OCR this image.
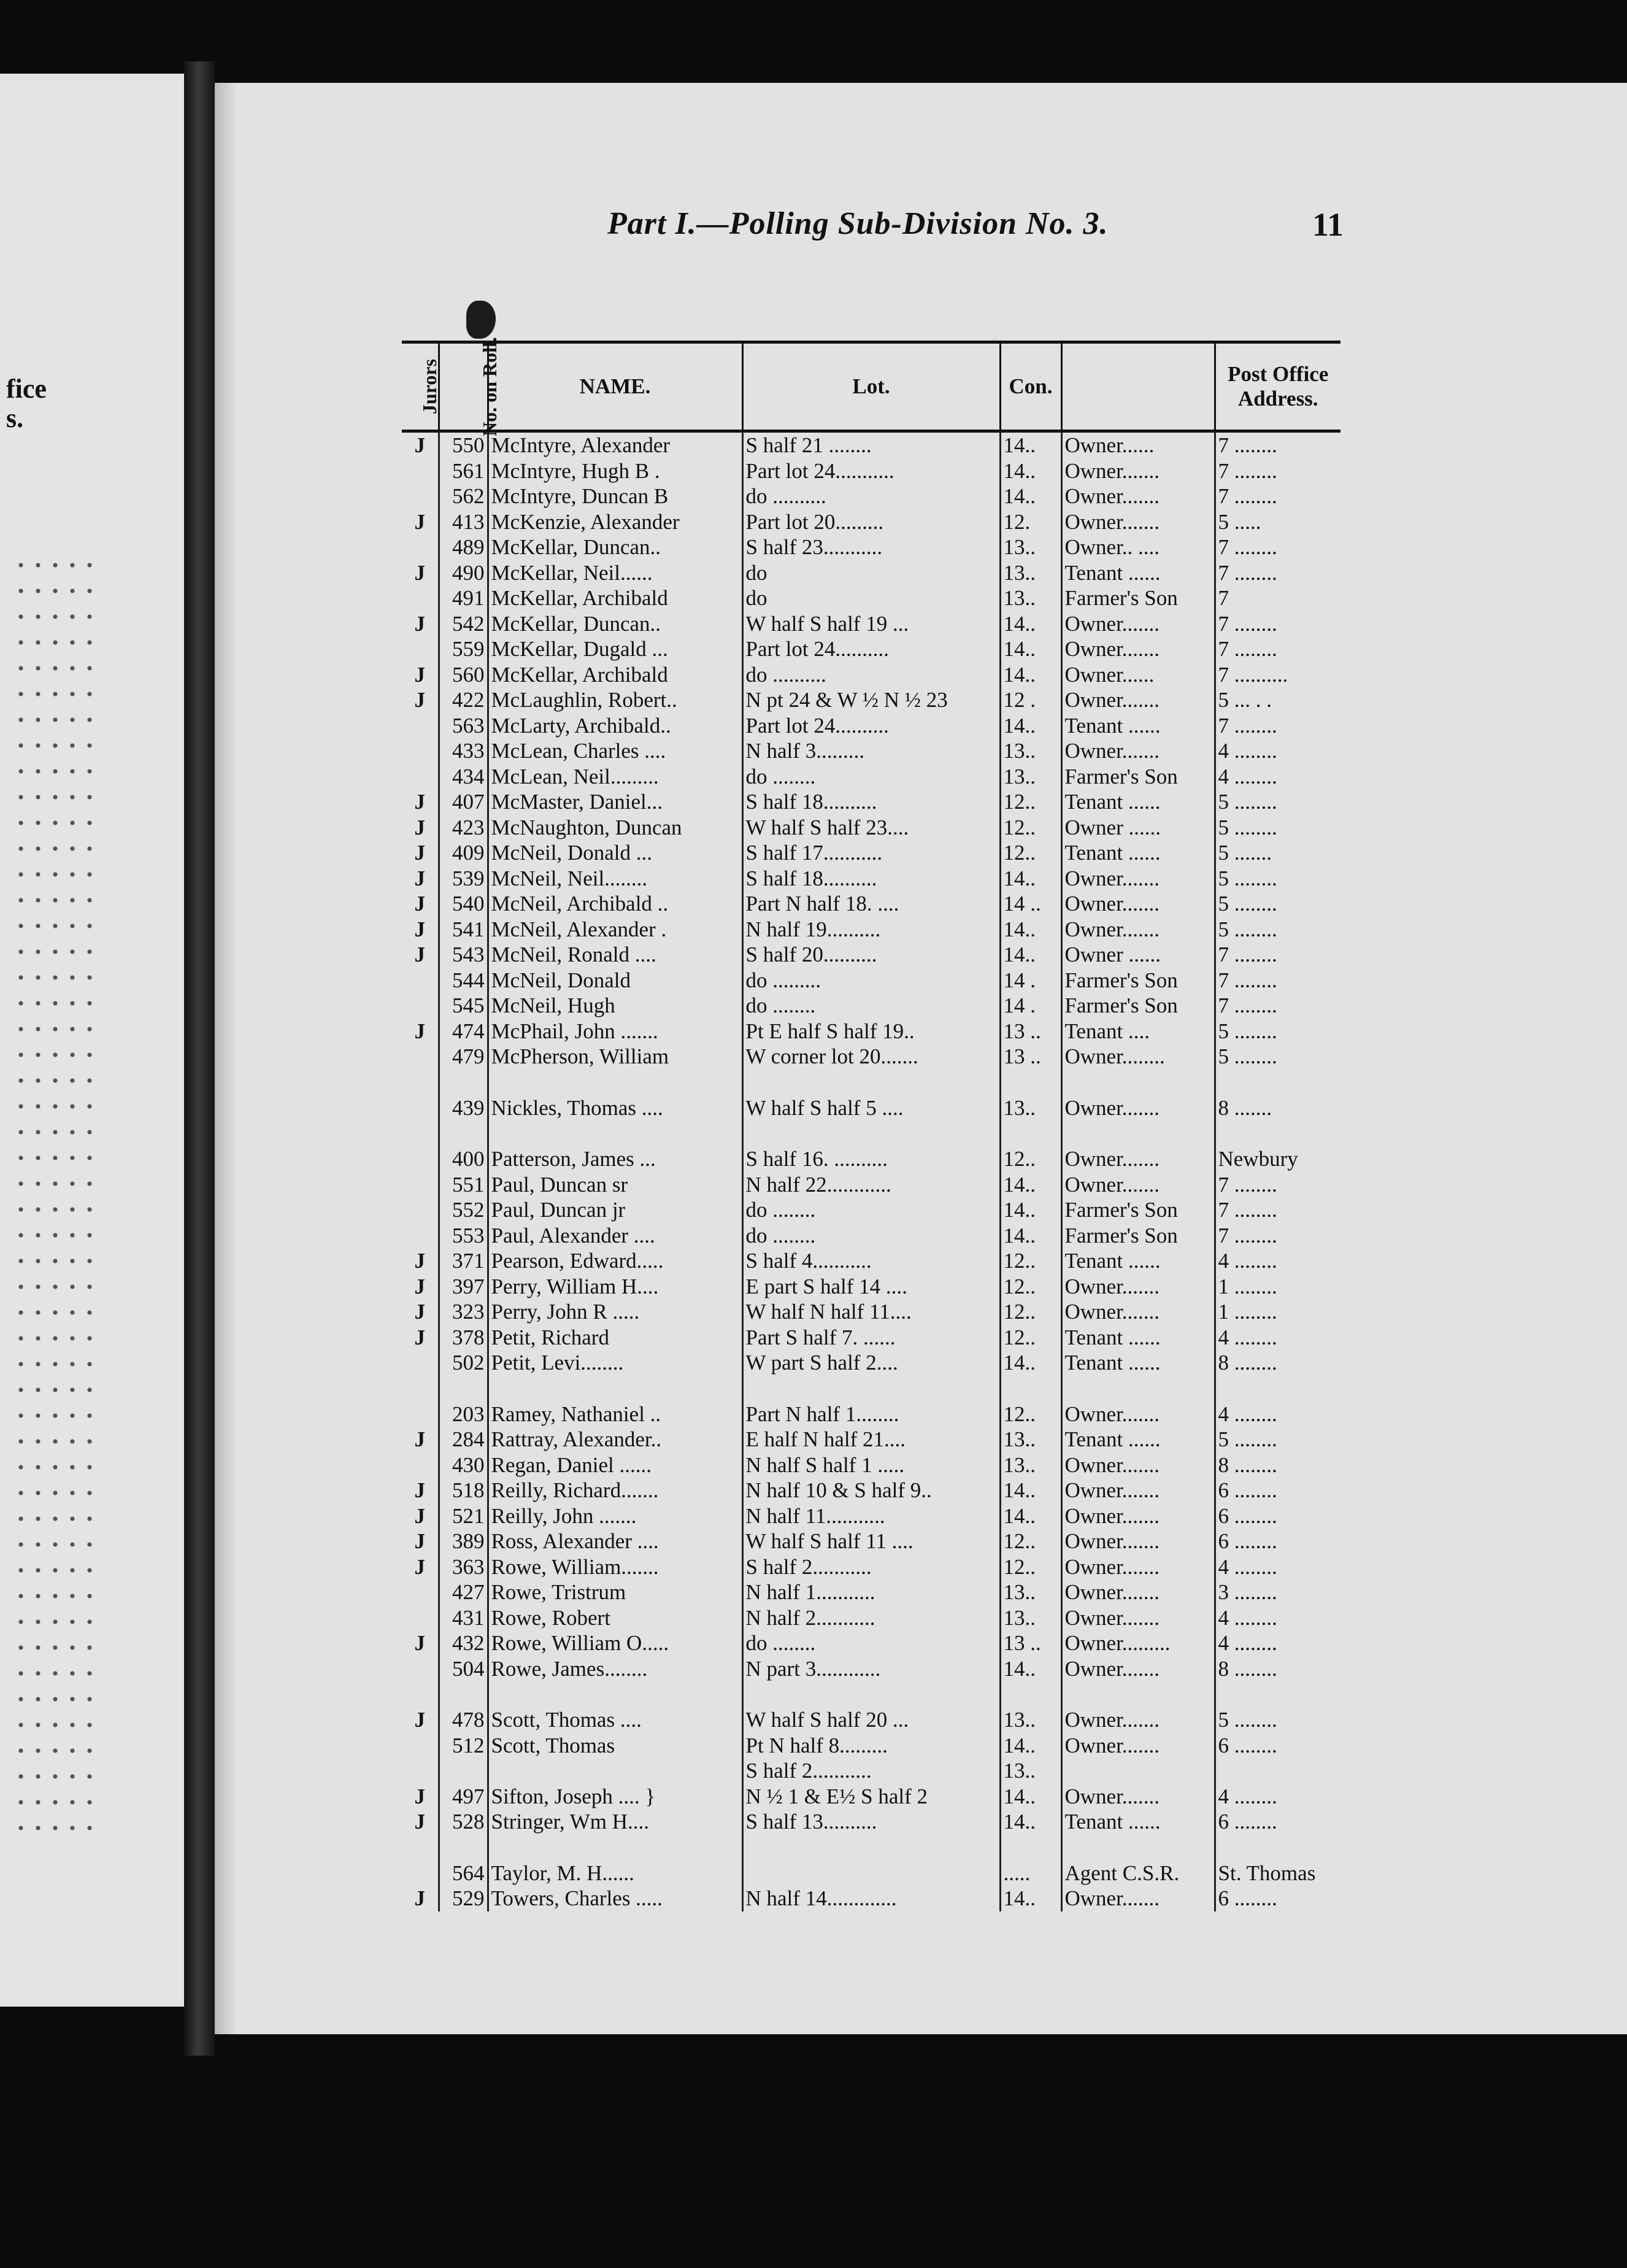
fice
s.
Part I.—Polling Sub-Division No. 3.	11
Jurors	No. on Roll.	NAME.	Lot.	Con.		Post Office Address.
J	550	McIntyre, Alexander	S half 21 ........	14..	Owner......	7 ........
	561	McIntyre, Hugh B .	Part lot 24...........	14..	Owner.......	7 ........
	562	McIntyre, Duncan B	do ..........	14..	Owner.......	7 ........
J	413	McKenzie, Alexander	Part lot 20.........	12.	Owner.......	5 .....
	489	McKellar, Duncan..	S half 23...........	13..	Owner.. ....	7 ........
J	490	McKellar, Neil......	do	13..	Tenant ......	7 ........
	491	McKellar, Archibald	do	13..	Farmer's Son	7
J	542	McKellar, Duncan..	W half S half 19 ...	14..	Owner.......	7 ........
	559	McKellar, Dugald ...	Part lot 24..........	14..	Owner.......	7 ........
J	560	McKellar, Archibald	do ..........	14..	Owner......	7 ..........
J	422	McLaughlin, Robert..	N pt 24 & W ½ N ½ 23	12 .	Owner.......	5 ... . .
	563	McLarty, Archibald..	Part lot 24..........	14..	Tenant ......	7 ........
	433	McLean, Charles ....	N half 3.........	13..	Owner.......	4 ........
	434	McLean, Neil.........	do ........	13..	Farmer's Son	4 ........
J	407	McMaster, Daniel...	S half 18..........	12..	Tenant ......	5 ........
J	423	McNaughton, Duncan	W half S half 23....	12..	Owner ......	5 ........
J	409	McNeil, Donald ...	S half 17...........	12..	Tenant ......	5 .......
J	539	McNeil, Neil........	S half 18..........	14..	Owner.......	5 ........
J	540	McNeil, Archibald ..	Part N half 18. ....	14 ..	Owner.......	5 ........
J	541	McNeil, Alexander .	N half 19..........	14..	Owner.......	5 ........
J	543	McNeil, Ronald ....	S half 20..........	14..	Owner ......	7 ........
	544	McNeil, Donald	do .........	14 .	Farmer's Son	7 ........
	545	McNeil, Hugh	do ........	14 .	Farmer's Son	7 ........
J	474	McPhail, John .......	Pt E half S half 19..	13 ..	Tenant ....	5 ........
	479	McPherson, William	W corner lot 20.......	13 ..	Owner........	5 ........

	439	Nickles, Thomas ....	W half S half 5 ....	13..	Owner.......	8 .......

	400	Patterson, James ...	S half 16. ..........	12..	Owner.......	Newbury
	551	Paul, Duncan sr	N half 22............	14..	Owner.......	7 ........
	552	Paul, Duncan jr	do ........	14..	Farmer's Son	7 ........
	553	Paul, Alexander ....	do ........	14..	Farmer's Son	7 ........
J	371	Pearson, Edward.....	S half 4...........	12..	Tenant ......	4 ........
J	397	Perry, William H....	E part S half 14 ....	12..	Owner.......	1 ........
J	323	Perry, John R .....	W half N half 11....	12..	Owner.......	1 ........
J	378	Petit, Richard	Part S half 7. ......	12..	Tenant ......	4 ........
	502	Petit, Levi........	W part S half 2....	14..	Tenant ......	8 ........

	203	Ramey, Nathaniel ..	Part N half 1........	12..	Owner.......	4 ........
J	284	Rattray, Alexander..	E half N half 21....	13..	Tenant ......	5 ........
	430	Regan, Daniel ......	N half S half 1 .....	13..	Owner.......	8 ........
J	518	Reilly, Richard.......	N half 10 & S half 9..	14..	Owner.......	6 ........
J	521	Reilly, John .......	N half 11...........	14..	Owner.......	6 ........
J	389	Ross, Alexander ....	W half S half 11 ....	12..	Owner.......	6 ........
J	363	Rowe, William.......	S half 2...........	12..	Owner.......	4 ........
	427	Rowe, Tristrum	N half 1...........	13..	Owner.......	3 ........
	431	Rowe, Robert	N half 2...........	13..	Owner.......	4 ........
J	432	Rowe, William O.....	do ........	13 ..	Owner.........	4 ........
	504	Rowe, James........	N part 3............	14..	Owner.......	8 ........

J	478	Scott, Thomas ....	W half S half 20 ...	13..	Owner.......	5 ........
	512	Scott, Thomas	Pt N half 8.........	14..	Owner.......	6 ........
			S half 2...........	13..		
J	497	Sifton, Joseph .... }	N ½ 1 & E½ S half 2	14..	Owner.......	4 ........
J	528	Stringer, Wm H....	S half 13..........	14..	Tenant ......	6 ........

	564	Taylor, M. H......		.....	Agent C.S.R.	St. Thomas
J	529	Towers, Charles .....	N half 14.............	14..	Owner.......	6 ........
